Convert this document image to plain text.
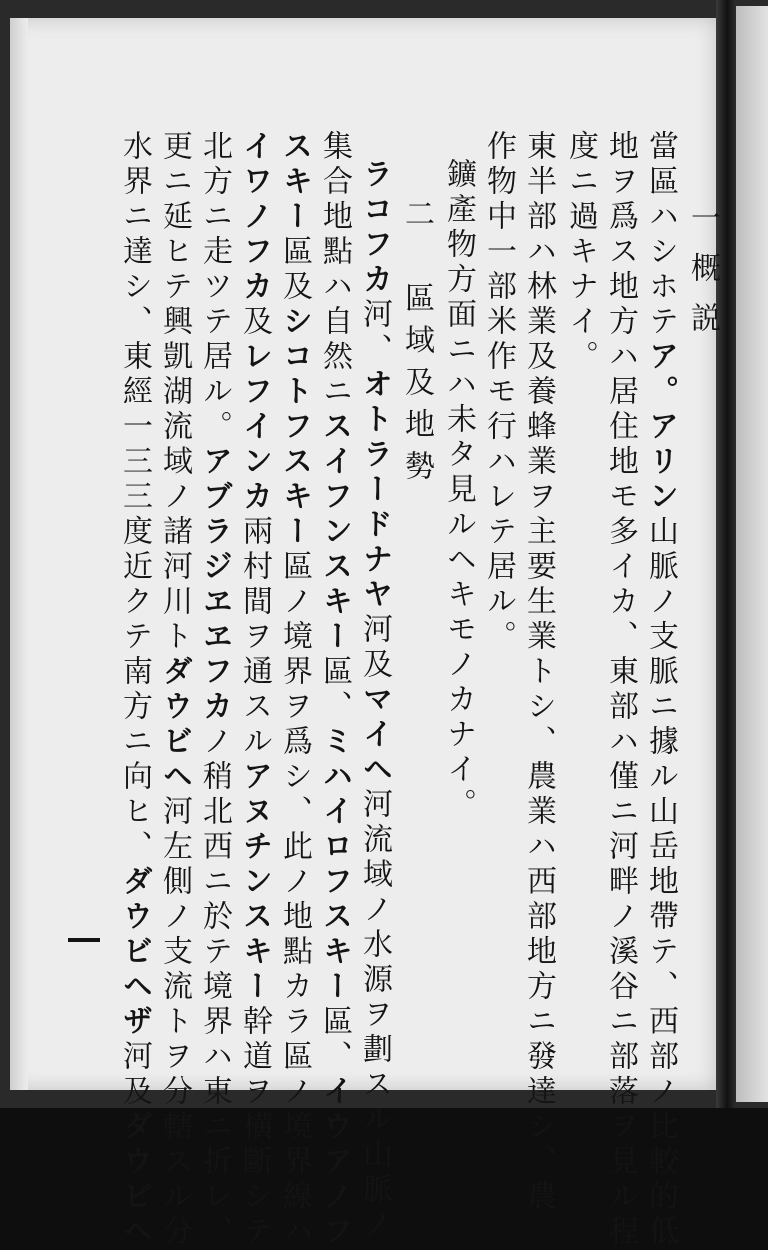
一概説
當區ハシホテア。アリン山脈ノ支脈ニ據ル山岳地帶テ、西部ノ比較的低
地ヲ爲ス地方ハ居住地モ多イカ、東部ハ僅ニ河畔ノ溪谷ニ部落ヲ見ル程
度ニ過キナイ。
東半部ハ林業及養蜂業ヲ主要生業トシ、農業ハ西部地方ニ發達シ、農
作物中一部米作モ行ハレテ居ル。
鑛產物方面ニハ未タ見ルヘキモノカナイ。
二　區域及地勢
ラコフカ河、オトラードナヤ河及マイヘ河流域ノ水源ヲ劃スル山脈ノ
集合地點ハ自然ニスイフンスキー區、ミハイロフスキー區、イウアノフ
スキー區及シコトフスキー區ノ境界ヲ爲シ、此ノ地點カラ區ノ境界線ハ
イワノフカ及レフインカ兩村間ヲ通スルアヌチンスキー幹道ヲ横斷シテ
北方ニ走ツテ居ル。アブラジヱヱフカノ稍北西ニ於テ境界ハ東ニ折レ、
更ニ延ヒテ興凱湖流域ノ諸河川トダウビヘ河左側ノ支流トヲ分轄スル分
水界ニ達シ、東經一三三度近クテ南方ニ向ヒ、ダウビヘザ河及ダウビヘ
